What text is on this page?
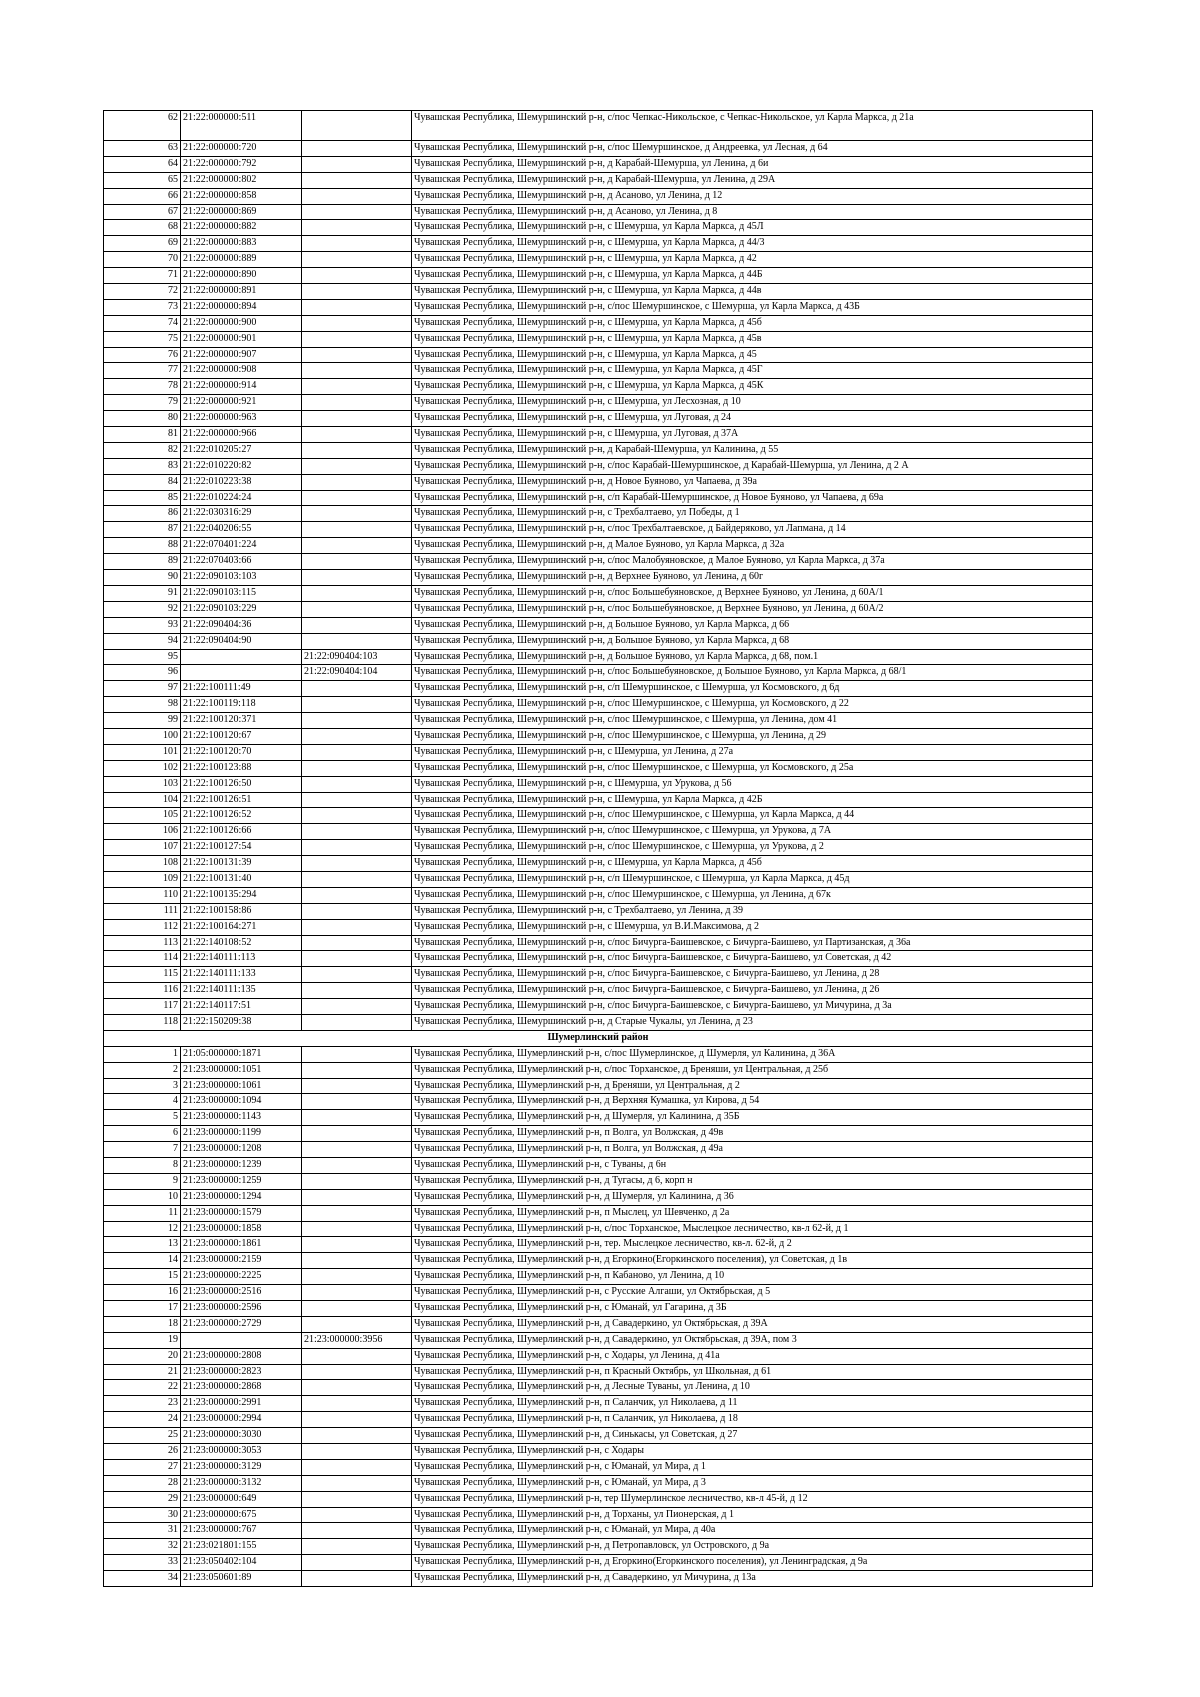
62	21:22:000000:511		Чувашская Республика, Шемуршинский р-н, с/пос Чепкас-Никольское, с Чепкас-Никольское, ул Карла Маркса, д 21а
63	21:22:000000:720		Чувашская Республика, Шемуршинский р-н, с/пос Шемуршинское, д Андреевка, ул Лесная, д 64
64	21:22:000000:792		Чувашская Республика, Шемуршинский р-н, д Карабай-Шемурша, ул Ленина, д 6и
65	21:22:000000:802		Чувашская Республика, Шемуршинский р-н, д Карабай-Шемурша, ул Ленина, д 29А
66	21:22:000000:858		Чувашская Республика, Шемуршинский р-н, д Асаново, ул Ленина, д 12
67	21:22:000000:869		Чувашская Республика, Шемуршинский р-н, д Асаново, ул Ленина, д 8
68	21:22:000000:882		Чувашская Республика, Шемуршинский р-н, с Шемурша, ул Карла Маркса, д 45Л
69	21:22:000000:883		Чувашская Республика, Шемуршинский р-н, с Шемурша, ул Карла Маркса, д 44/3
70	21:22:000000:889		Чувашская Республика, Шемуршинский р-н, с Шемурша, ул Карла Маркса, д 42
71	21:22:000000:890		Чувашская Республика, Шемуршинский р-н, с Шемурша, ул Карла Маркса, д 44Б
72	21:22:000000:891		Чувашская Республика, Шемуршинский р-н, с Шемурша, ул Карла Маркса, д 44в
73	21:22:000000:894		Чувашская Республика, Шемуршинский р-н, с/пос Шемуршинское, с Шемурша, ул Карла Маркса, д 43Б
74	21:22:000000:900		Чувашская Республика, Шемуршинский р-н, с Шемурша, ул Карла Маркса, д 45б
75	21:22:000000:901		Чувашская Республика, Шемуршинский р-н, с Шемурша, ул Карла Маркса, д 45в
76	21:22:000000:907		Чувашская Республика, Шемуршинский р-н, с Шемурша, ул Карла Маркса, д 45
77	21:22:000000:908		Чувашская Республика, Шемуршинский р-н, с Шемурша, ул Карла Маркса, д 45Г
78	21:22:000000:914		Чувашская Республика, Шемуршинский р-н, с Шемурша, ул Карла Маркса, д 45К
79	21:22:000000:921		Чувашская Республика, Шемуршинский р-н, с Шемурша, ул Лесхозная, д 10
80	21:22:000000:963		Чувашская Республика, Шемуршинский р-н, с Шемурша, ул Луговая, д 24
81	21:22:000000:966		Чувашская Республика, Шемуршинский р-н, с Шемурша, ул Луговая, д 37А
82	21:22:010205:27		Чувашская Республика, Шемуршинский р-н, д Карабай-Шемурша, ул Калинина, д 55
83	21:22:010220:82		Чувашская Республика, Шемуршинский р-н, с/пос Карабай-Шемуршинское, д Карабай-Шемурша, ул Ленина, д 2 А
84	21:22:010223:38		Чувашская Республика, Шемуршинский р-н, д Новое Буяново, ул Чапаева, д 39а
85	21:22:010224:24		Чувашская Республика, Шемуршинский р-н, с/п Карабай-Шемуршинское, д Новое Буяново, ул Чапаева, д 69а
86	21:22:030316:29		Чувашская Республика, Шемуршинский р-н, с Трехбалтаево, ул Победы, д 1
87	21:22:040206:55		Чувашская Республика, Шемуршинский р-н, с/пос Трехбалтаевское, д Байдеряково, ул Лапмана, д 14
88	21:22:070401:224		Чувашская Республика, Шемуршинский р-н, д Малое Буяново, ул Карла Маркса, д 32а
89	21:22:070403:66		Чувашская Республика, Шемуршинский р-н, с/пос Малобуяновское, д Малое Буяново, ул Карла Маркса, д 37а
90	21:22:090103:103		Чувашская Республика, Шемуршинский р-н, д Верхнее Буяново, ул Ленина, д 60г
91	21:22:090103:115		Чувашская Республика, Шемуршинский р-н, с/пос Большебуяновское, д Верхнее Буяново, ул Ленина, д 60А/1
92	21:22:090103:229		Чувашская Республика, Шемуршинский р-н, с/пос Большебуяновское, д Верхнее Буяново, ул Ленина, д 60А/2
93	21:22:090404:36		Чувашская Республика, Шемуршинский р-н, д Большое Буяново, ул Карла Маркса, д 66
94	21:22:090404:90		Чувашская Республика, Шемуршинский р-н, д Большое Буяново, ул Карла Маркса, д 68
95		21:22:090404:103	Чувашская Республика, Шемуршинский р-н, д Большое Буяново, ул Карла Маркса, д 68, пом.1
96		21:22:090404:104	Чувашская Республика, Шемуршинский р-н, с/пос Большебуяновское, д Большое Буяново, ул Карла Маркса, д 68/1
97	21:22:100111:49		Чувашская Республика, Шемуршинский р-н, с/п Шемуршинское, с Шемурша, ул Космовского, д 6д
98	21:22:100119:118		Чувашская Республика, Шемуршинский р-н, с/пос Шемуршинское, с Шемурша, ул Космовского, д 22
99	21:22:100120:371		Чувашская Республика, Шемуршинский р-н, с/пос Шемуршинское, с Шемурша, ул Ленина, дом 41
100	21:22:100120:67		Чувашская Республика, Шемуршинский р-н, с/пос Шемуршинское, с Шемурша, ул Ленина, д 29
101	21:22:100120:70		Чувашская Республика, Шемуршинский р-н, с Шемурша, ул Ленина, д 27а
102	21:22:100123:88		Чувашская Республика, Шемуршинский р-н, с/пос Шемуршинское, с Шемурша, ул Космовского, д 25а
103	21:22:100126:50		Чувашская Республика, Шемуршинский р-н, с Шемурша, ул Урукова, д 56
104	21:22:100126:51		Чувашская Республика, Шемуршинский р-н, с Шемурша, ул Карла Маркса, д 42Б
105	21:22:100126:52		Чувашская Республика, Шемуршинский р-н, с/пос Шемуршинское, с Шемурша, ул Карла Маркса, д 44
106	21:22:100126:66		Чувашская Республика, Шемуршинский р-н, с/пос Шемуршинское, с Шемурша, ул Урукова, д 7А
107	21:22:100127:54		Чувашская Республика, Шемуршинский р-н, с/пос Шемуршинское, с Шемурша, ул Урукова, д 2
108	21:22:100131:39		Чувашская Республика, Шемуршинский р-н, с Шемурша, ул Карла Маркса, д 45б
109	21:22:100131:40		Чувашская Республика, Шемуршинский р-н, с/п Шемуршинское, с Шемурша, ул Карла Маркса, д 45д
110	21:22:100135:294		Чувашская Республика, Шемуршинский р-н, с/пос Шемуршинское, с Шемурша, ул Ленина, д 67к
111	21:22:100158:86		Чувашская Республика, Шемуршинский р-н, с Трехбалтаево, ул Ленина, д 39
112	21:22:100164:271		Чувашская Республика, Шемуршинский р-н, с Шемурша, ул В.И.Максимова, д 2
113	21:22:140108:52		Чувашская Республика, Шемуршинский р-н, с/пос Бичурга-Баишевское, с Бичурга-Баишево, ул Партизанская, д 36а
114	21:22:140111:113		Чувашская Республика, Шемуршинский р-н, с/пос Бичурга-Баишевское, с Бичурга-Баишево, ул Советская, д 42
115	21:22:140111:133		Чувашская Республика, Шемуршинский р-н, с/пос Бичурга-Баишевское, с Бичурга-Баишево, ул Ленина, д 28
116	21:22:140111:135		Чувашская Республика, Шемуршинский р-н, с/пос Бичурга-Баишевское, с Бичурга-Баишево, ул Ленина, д 26
117	21:22:140117:51		Чувашская Республика, Шемуршинский р-н, с/пос Бичурга-Баишевское, с Бичурга-Баишево, ул Мичурина, д 3а
118	21:22:150209:38		Чувашская Республика, Шемуршинский р-н, д Старые Чукалы, ул Ленина, д 23
Шумерлинский район			
1	21:05:000000:1871		Чувашская Республика, Шумерлинский р-н, с/пос Шумерлинское, д Шумерля, ул Калинина, д 36А
2	21:23:000000:1051		Чувашская Республика, Шумерлинский р-н, с/пос Торханское, д Бреняши, ул Центральная, д 25б
3	21:23:000000:1061		Чувашская Республика, Шумерлинский р-н, д Бреняши, ул Центральная, д 2
4	21:23:000000:1094		Чувашская Республика, Шумерлинский р-н, д Верхняя Кумашка, ул Кирова, д 54
5	21:23:000000:1143		Чувашская Республика, Шумерлинский р-н, д Шумерля, ул Калинина, д 35Б
6	21:23:000000:1199		Чувашская Республика, Шумерлинский р-н, п Волга, ул Волжская, д 49в
7	21:23:000000:1208		Чувашская Республика, Шумерлинский р-н, п Волга, ул Волжская, д 49а
8	21:23:000000:1239		Чувашская Республика, Шумерлинский р-н, с Туваны, д 6н
9	21:23:000000:1259		Чувашская Республика, Шумерлинский р-н, д Тугасы, д 6, корп н
10	21:23:000000:1294		Чувашская Республика, Шумерлинский р-н, д Шумерля, ул Калинина, д 36
11	21:23:000000:1579		Чувашская Республика, Шумерлинский р-н, п Мыслец, ул Шевченко, д 2а
12	21:23:000000:1858		Чувашская Республика, Шумерлинский р-н, с/пос Торханское, Мыслецкое лесничество, кв-л 62-й, д 1
13	21:23:000000:1861		Чувашская Республика, Шумерлинский р-н, тер. Мыслецкое лесничество, кв-л. 62-й, д 2
14	21:23:000000:2159		Чувашская Республика, Шумерлинский р-н, д Егоркино(Егоркинского поселения), ул Советская, д 1в
15	21:23:000000:2225		Чувашская Республика, Шумерлинский р-н, п Кабаново, ул Ленина, д 10
16	21:23:000000:2516		Чувашская Республика, Шумерлинский р-н, с Русские Алгаши, ул Октябрьская, д 5
17	21:23:000000:2596		Чувашская Республика, Шумерлинский р-н, с Юманай, ул Гагарина, д 3Б
18	21:23:000000:2729		Чувашская Республика, Шумерлинский р-н, д Савадеркино, ул Октябрьская, д 39А
19		21:23:000000:3956	Чувашская Республика, Шумерлинский р-н, д Савадеркино, ул Октябрьская, д 39А, пом 3
20	21:23:000000:2808		Чувашская Республика, Шумерлинский р-н, с Ходары, ул Ленина, д 41а
21	21:23:000000:2823		Чувашская Республика, Шумерлинский р-н, п Красный Октябрь, ул Школьная, д 61
22	21:23:000000:2868		Чувашская Республика, Шумерлинский р-н, д Лесные Туваны, ул Ленина, д 10
23	21:23:000000:2991		Чувашская Республика, Шумерлинский р-н, п Саланчик, ул Николаева, д 11
24	21:23:000000:2994		Чувашская Республика, Шумерлинский р-н, п Саланчик, ул Николаева, д 18
25	21:23:000000:3030		Чувашская Республика, Шумерлинский р-н, д Синькасы, ул Советская, д 27
26	21:23:000000:3053		Чувашская Республика, Шумерлинский р-н, с Ходары
27	21:23:000000:3129		Чувашская Республика, Шумерлинский р-н, с Юманай, ул Мира, д 1
28	21:23:000000:3132		Чувашская Республика, Шумерлинский р-н, с Юманай, ул Мира, д 3
29	21:23:000000:649		Чувашская Республика, Шумерлинский р-н, тер Шумерлинское лесничество, кв-л 45-й, д 12
30	21:23:000000:675		Чувашская Республика, Шумерлинский р-н, д Торханы, ул Пионерская, д 1
31	21:23:000000:767		Чувашская Республика, Шумерлинский р-н, с Юманай, ул Мира, д 40а
32	21:23:021801:155		Чувашская Республика, Шумерлинский р-н, д Петропавловск, ул Островского, д 9а
33	21:23:050402:104		Чувашская Республика, Шумерлинский р-н, д Егоркино(Егоркинского поселения), ул Ленинградская, д 9а
34	21:23:050601:89		Чувашская Республика, Шумерлинский р-н, д Савадеркино, ул Мичурина, д 13а
